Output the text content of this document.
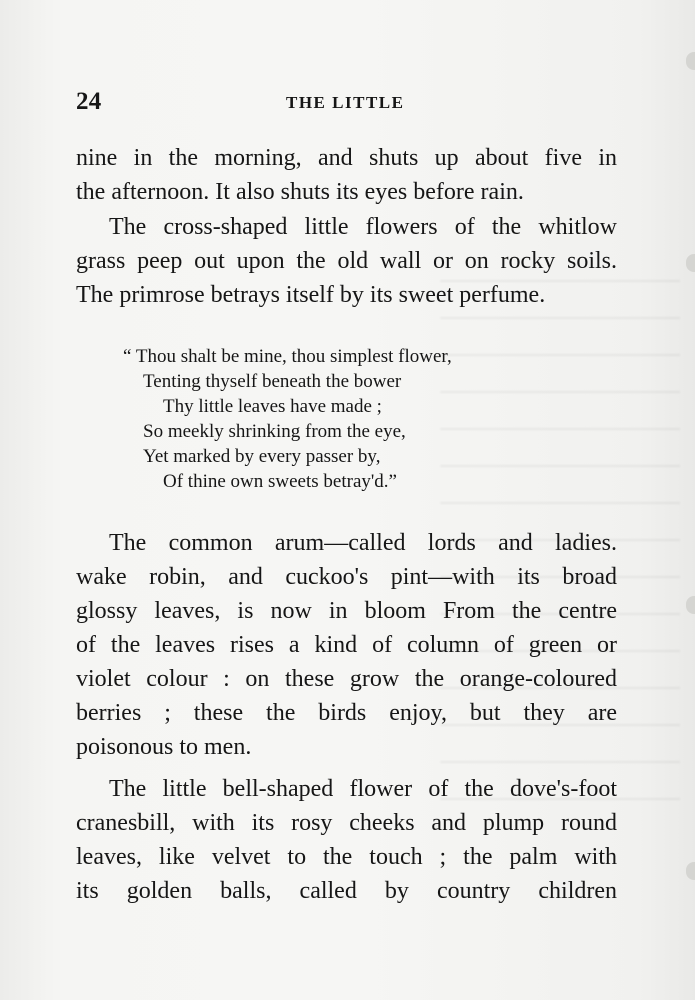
24	THE LITTLE
nine in the morning, and shuts up about five in
the afternoon. It also shuts its eyes before rain.
The cross-shaped little flowers of the whitlow
grass peep out upon the old wall or on rocky soils.
The primrose betrays itself by its sweet perfume.
“ Thou shalt be mine, thou simplest flower,
Tenting thyself beneath the bower
Thy little leaves have made ;
So meekly shrinking from the eye,
Yet marked by every passer by,
Of thine own sweets betray'd.”
The common arum—called lords and ladies.
wake robin, and cuckoo's pint—with its broad
glossy leaves, is now in bloom From the centre
of the leaves rises a kind of column of green or
violet colour : on these grow the orange-coloured
berries ; these the birds enjoy, but they are
poisonous to men.
The little bell-shaped flower of the dove's-foot
cranesbill, with its rosy cheeks and plump round
leaves, like velvet to the touch ; the palm with
its golden balls, called by country children
